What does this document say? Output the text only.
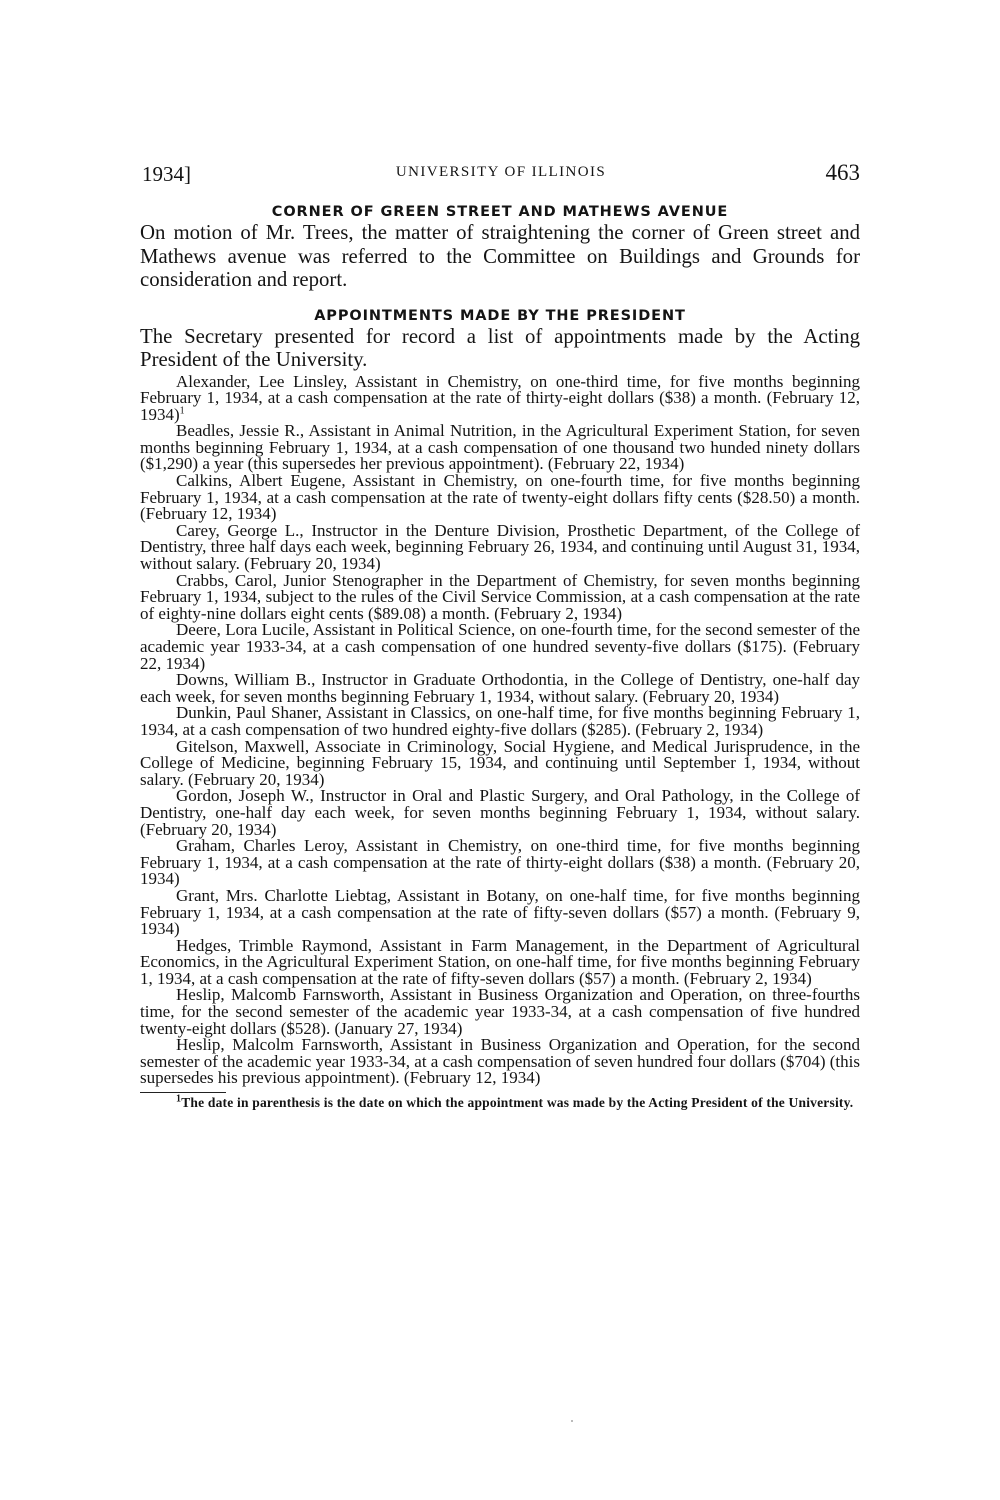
1934]	UNIVERSITY OF ILLINOIS	463
CORNER OF GREEN STREET AND MATHEWS AVENUE

On motion of Mr. Trees, the matter of straightening the corner of Green street and Mathews avenue was referred to the Committee on Buildings and Grounds for consideration and report.

APPOINTMENTS MADE BY THE PRESIDENT

The Secretary presented for record a list of appointments made by the Acting President of the University.

Alexander, Lee Linsley, Assistant in Chemistry, on one-third time, for five months beginning February 1, 1934, at a cash compensation at the rate of thirty-eight dollars ($38) a month. (February 12, 1934)$^1$

Beadles, Jessie R., Assistant in Animal Nutrition, in the Agricultural Experiment Station, for seven months beginning February 1, 1934, at a cash compensation of one thousand two hunded ninety dollars ($1,290) a year (this supersedes her previous appointment). (February 22, 1934)

Calkins, Albert Eugene, Assistant in Chemistry, on one-fourth time, for five months beginning February 1, 1934, at a cash compensation at the rate of twenty-eight dollars fifty cents ($28.50) a month. (February 12, 1934)

Carey, George L., Instructor in the Denture Division, Prosthetic Department, of the College of Dentistry, three half days each week, beginning February 26, 1934, and continuing until August 31, 1934, without salary. (February 20, 1934)

Crabbs, Carol, Junior Stenographer in the Department of Chemistry, for seven months beginning February 1, 1934, subject to the rules of the Civil Service Commission, at a cash compensation at the rate of eighty-nine dollars eight cents ($89.08) a month. (February 2, 1934)

Deere, Lora Lucile, Assistant in Political Science, on one-fourth time, for the second semester of the academic year 1933-34, at a cash compensation of one hundred seventy-five dollars ($175). (February 22, 1934)

Downs, William B., Instructor in Graduate Orthodontia, in the College of Dentistry, one-half day each week, for seven months beginning February 1, 1934, without salary. (February 20, 1934)

Dunkin, Paul Shaner, Assistant in Classics, on one-half time, for five months beginning February 1, 1934, at a cash compensation of two hundred eighty-five dollars ($285). (February 2, 1934)

Gitelson, Maxwell, Associate in Criminology, Social Hygiene, and Medical Jurisprudence, in the College of Medicine, beginning February 15, 1934, and continuing until September 1, 1934, without salary. (February 20, 1934)

Gordon, Joseph W., Instructor in Oral and Plastic Surgery, and Oral Pathology, in the College of Dentistry, one-half day each week, for seven months beginning February 1, 1934, without salary. (February 20, 1934)

Graham, Charles Leroy, Assistant in Chemistry, on one-third time, for five months beginning February 1, 1934, at a cash compensation at the rate of thirty-eight dollars ($38) a month. (February 20, 1934)

Grant, Mrs. Charlotte Liebtag, Assistant in Botany, on one-half time, for five months beginning February 1, 1934, at a cash compensation at the rate of fifty-seven dollars ($57) a month. (February 9, 1934)

Hedges, Trimble Raymond, Assistant in Farm Management, in the Department of Agricultural Economics, in the Agricultural Experiment Station, on one-half time, for five months beginning February 1, 1934, at a cash compensation at the rate of fifty-seven dollars ($57) a month. (February 2, 1934)

Heslip, Malcomb Farnsworth, Assistant in Business Organization and Operation, on three-fourths time, for the second semester of the academic year 1933-34, at a cash compensation of five hundred twenty-eight dollars ($528). (January 27, 1934)

Heslip, Malcolm Farnsworth, Assistant in Business Organization and Operation, for the second semester of the academic year 1933-34, at a cash compensation of seven hundred four dollars ($704) (this supersedes his previous appointment). (February 12, 1934)

$^1$The date in parenthesis is the date on which the appointment was made by the Acting President of the University.
